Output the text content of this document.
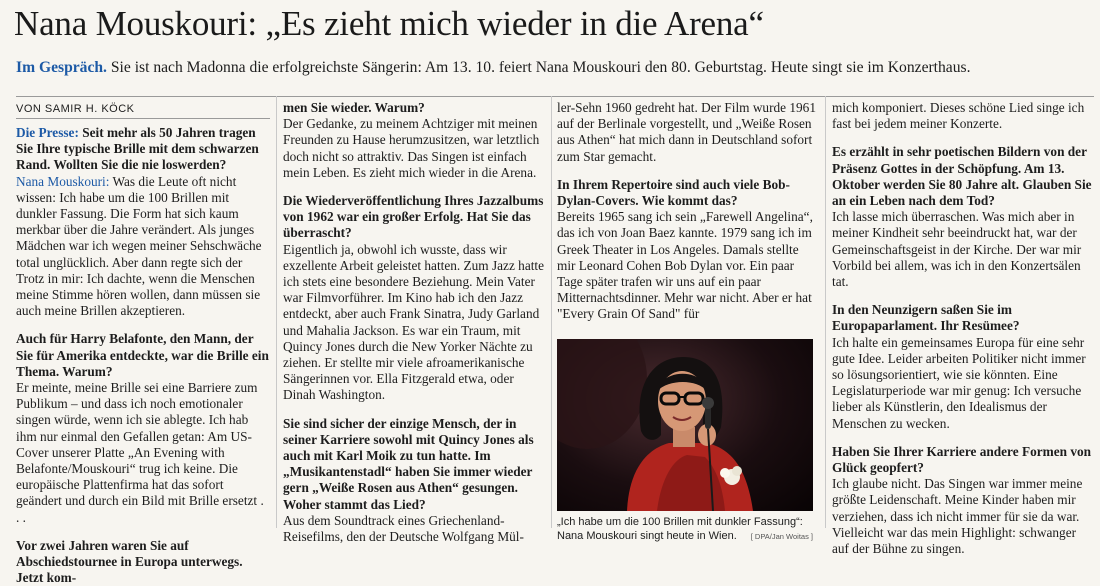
Nana Mouskouri: „Es zieht mich wieder in die Arena“
Im Gespräch. Sie ist nach Madonna die erfolgreichste Sängerin: Am 13. 10. feiert Nana Mouskouri den 80. Geburtstag. Heute singt sie im Konzerthaus.
VON SAMIR H. KÖCK

Die Presse: Seit mehr als 50 Jahren tragen Sie Ihre typische Brille mit dem schwarzen Rand. Wollten Sie die nie loswerden?

Nana Mouskouri: Was die Leute oft nicht wissen: Ich habe um die 100 Brillen mit dunkler Fassung. Die Form hat sich kaum merkbar über die Jahre verändert. Als junges Mädchen war ich wegen meiner Sehschwäche total unglücklich. Aber dann regte sich der Trotz in mir: Ich dachte, wenn die Menschen meine Stimme hören wollen, dann müssen sie auch meine Brillen akzeptieren.

Auch für Harry Belafonte, den Mann, der Sie für Amerika entdeckte, war die Brille ein Thema. Warum?

Er meinte, meine Brille sei eine Barriere zum Publikum – und dass ich noch emotionaler singen würde, wenn ich sie ablegte. Ich hab ihm nur einmal den Gefallen getan: Am US-Cover unserer Platte „An Evening with Belafonte/Mouskouri“ trug ich keine. Die europäische Plattenfirma hat das sofort geändert und durch ein Bild mit Brille ersetzt . . .

Vor zwei Jahren waren Sie auf Abschiedstournee in Europa unterwegs. Jetzt kom-

men Sie wieder. Warum?

Der Gedanke, zu meinem Achtziger mit meinen Freunden zu Hause herumzusitzen, war letztlich doch nicht so attraktiv. Das Singen ist einfach mein Leben. Es zieht mich wieder in die Arena.

Die Wiederveröffentlichung Ihres Jazzalbums von 1962 war ein großer Erfolg. Hat Sie das überrascht?

Eigentlich ja, obwohl ich wusste, dass wir exzellente Arbeit geleistet hatten. Zum Jazz hatte ich stets eine besondere Beziehung. Mein Vater war Filmvorführer. Im Kino hab ich den Jazz entdeckt, aber auch Frank Sinatra, Judy Garland und Mahalia Jackson. Es war ein Traum, mit Quincy Jones durch die New Yorker Nächte zu ziehen. Er stellte mir viele afroamerikanische Sängerinnen vor. Ella Fitzgerald etwa, oder Dinah Washington.

Sie sind sicher der einzige Mensch, der in seiner Karriere sowohl mit Quincy Jones als auch mit Karl Moik zu tun hatte. Im „Musikantenstadl“ haben Sie immer wieder gern „Weiße Rosen aus Athen“ gesungen. Woher stammt das Lied?

Aus dem Soundtrack eines Griechenland-Reisefilms, den der Deutsche Wolfgang Mül-

ler-Sehn 1960 gedreht hat. Der Film wurde 1961 auf der Berlinale vorgestellt, und „Weiße Rosen aus Athen“ hat mich dann in Deutschland sofort zum Star gemacht.

In Ihrem Repertoire sind auch viele Bob-Dylan-Covers. Wie kommt das?

Bereits 1965 sang ich sein „Farewell Angelina“, das ich von Joan Baez kannte. 1979 sang ich im Greek Theater in Los Angeles. Damals stellte mir Leonard Cohen Bob Dylan vor. Ein paar Tage später trafen wir uns auf ein paar Mitternachtsdinner. Mehr war nicht. Aber er hat "Every Grain Of Sand" für

„Ich habe um die 100 Brillen mit dunkler Fassung“: Nana Mouskouri singt heute in Wien. [ DPA/Jan Woitas ]

mich komponiert. Dieses schöne Lied singe ich fast bei jedem meiner Konzerte.

Es erzählt in sehr poetischen Bildern von der Präsenz Gottes in der Schöpfung. Am 13. Oktober werden Sie 80 Jahre alt. Glauben Sie an ein Leben nach dem Tod?

Ich lasse mich überraschen. Was mich aber in meiner Kindheit sehr beeindruckt hat, war der Gemeinschaftsgeist in der Kirche. Der war mir Vorbild bei allem, was ich in den Konzertsälen tat.

In den Neunzigern saßen Sie im Europaparlament. Ihr Resümee?

Ich halte ein gemeinsames Europa für eine sehr gute Idee. Leider arbeiten Politiker nicht immer so lösungsorientiert, wie sie könnten. Eine Legislaturperiode war mir genug: Ich versuche lieber als Künstlerin, den Idealismus der Menschen zu wecken.

Haben Sie Ihrer Karriere andere Formen von Glück geopfert?

Ich glaube nicht. Das Singen war immer meine größte Leidenschaft. Meine Kinder haben mir verziehen, dass ich nicht immer für sie da war. Vielleicht war das mein Highlight: schwanger auf der Bühne zu singen.
